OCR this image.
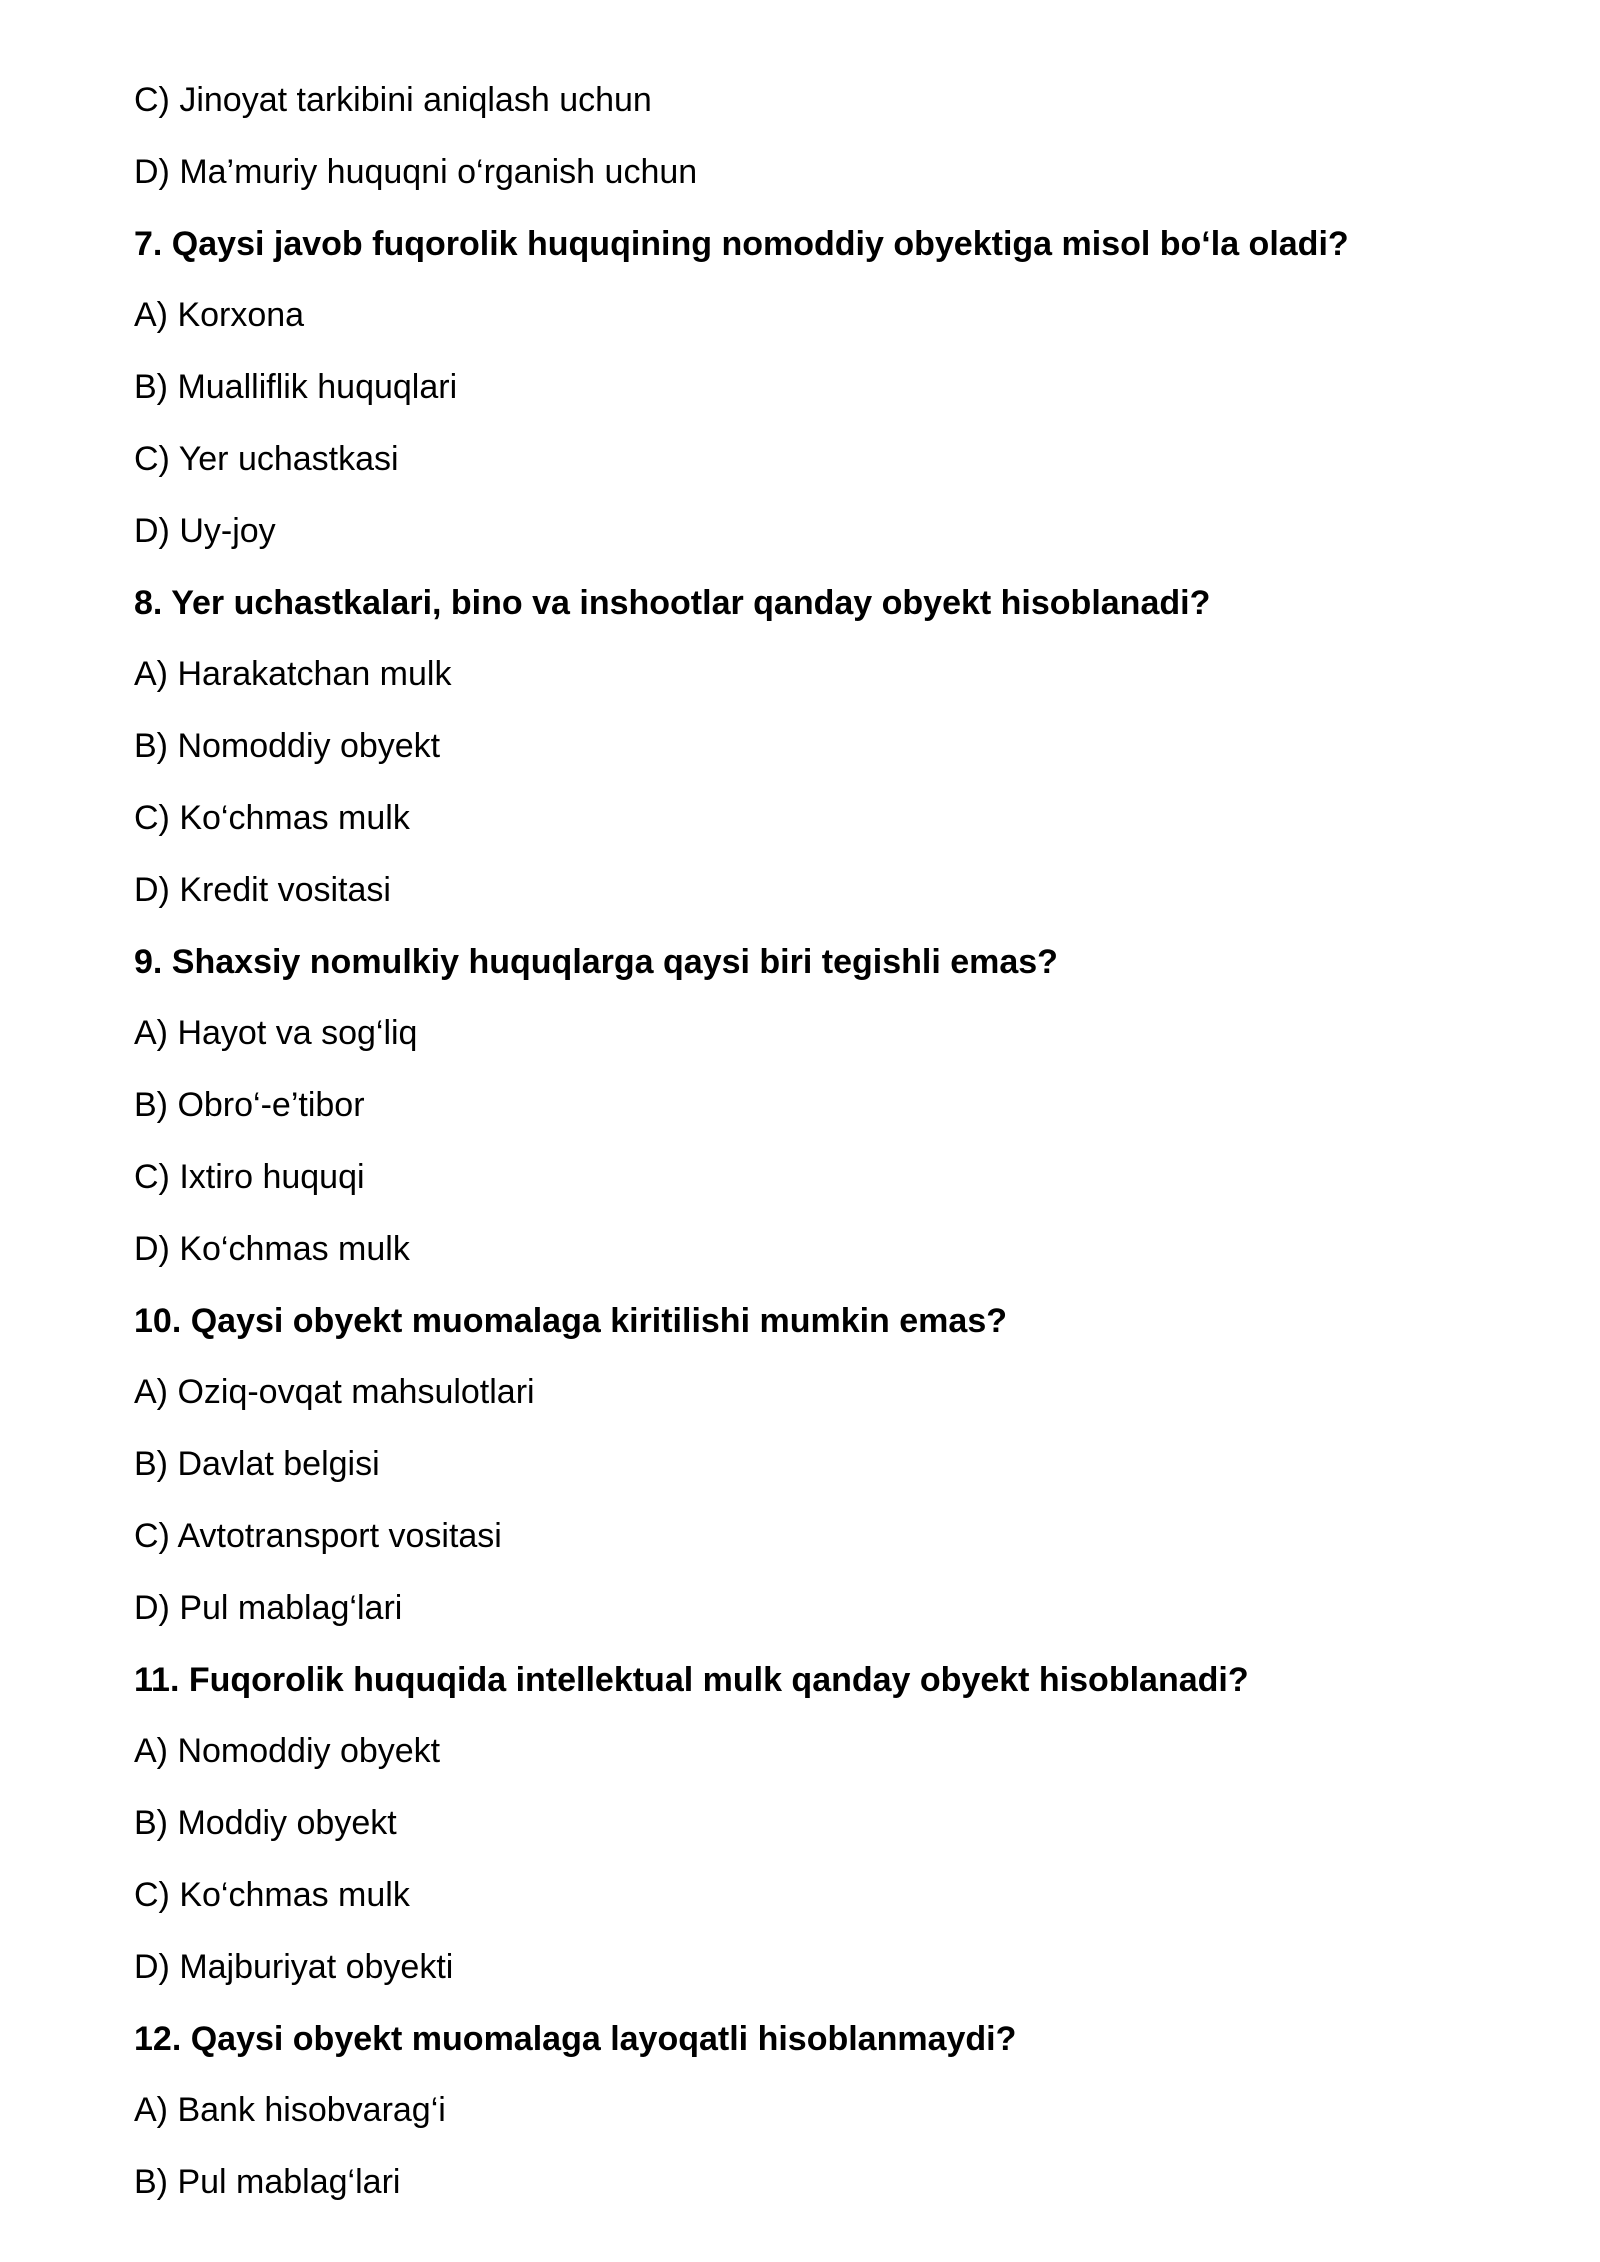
C) Jinoyat tarkibini aniqlash uchun
D) Ma’muriy huquqni o‘rganish uchun
7. Qaysi javob fuqorolik huquqining nomoddiy obyektiga misol bo‘la oladi?
A) Korxona
B) Mualliflik huquqlari
C) Yer uchastkasi
D) Uy-joy
8. Yer uchastkalari, bino va inshootlar qanday obyekt hisoblanadi?
A) Harakatchan mulk
B) Nomoddiy obyekt
C) Ko‘chmas mulk
D) Kredit vositasi
9. Shaxsiy nomulkiy huquqlarga qaysi biri tegishli emas?
A) Hayot va sog‘liq
B) Obro‘-e’tibor
C) Ixtiro huquqi
D) Ko‘chmas mulk
10. Qaysi obyekt muomalaga kiritilishi mumkin emas?
A) Oziq-ovqat mahsulotlari
B) Davlat belgisi
C) Avtotransport vositasi
D) Pul mablag‘lari
11. Fuqorolik huquqida intellektual mulk qanday obyekt hisoblanadi?
A) Nomoddiy obyekt
B) Moddiy obyekt
C) Ko‘chmas mulk
D) Majburiyat obyekti
12. Qaysi obyekt muomalaga layoqatli hisoblanmaydi?
A) Bank hisobvarag‘i
B) Pul mablag‘lari
